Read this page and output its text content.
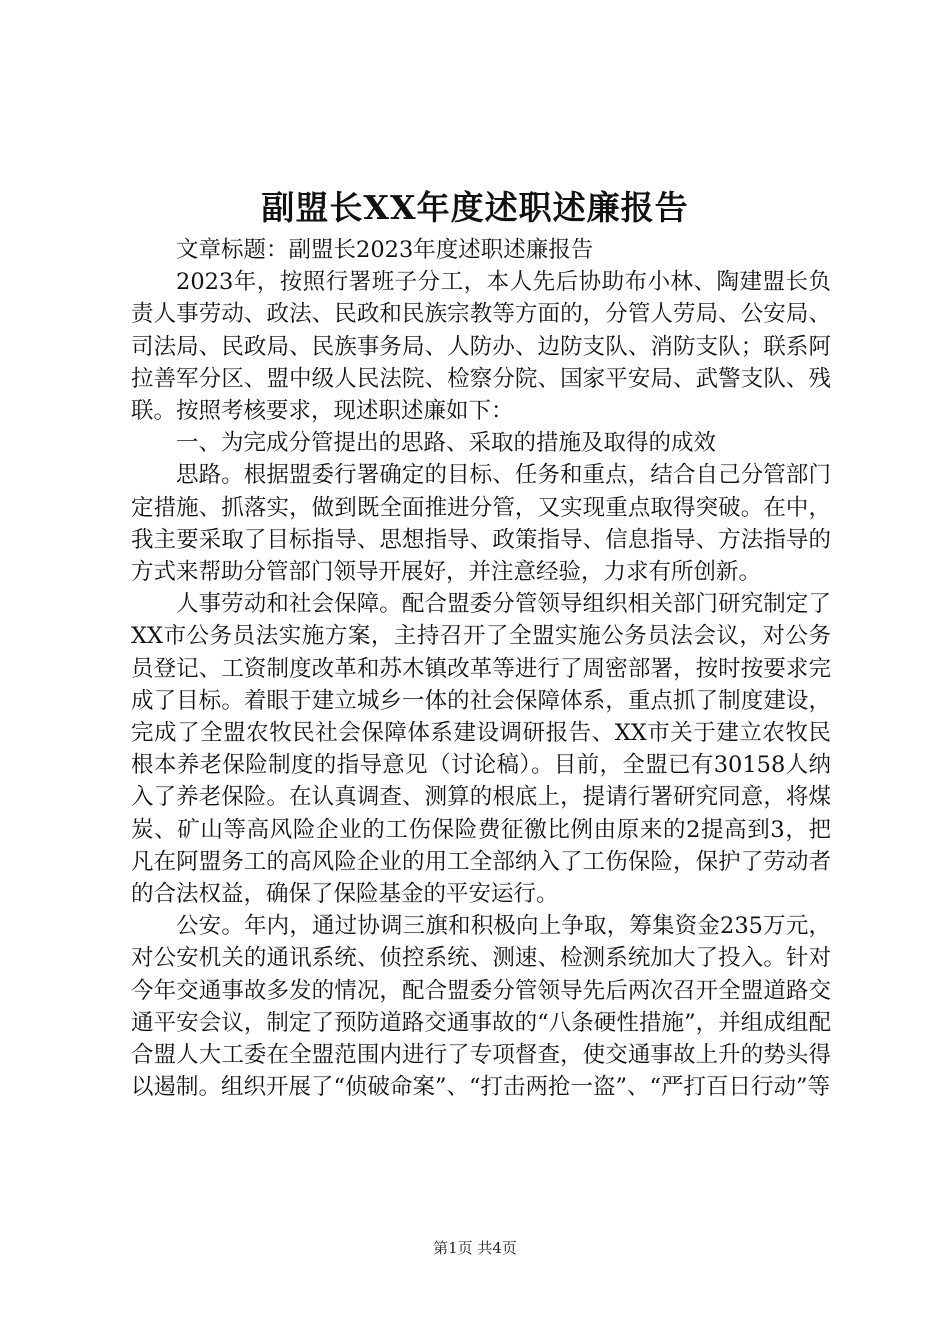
副盟长XX年度述职述廉报告

文章标题：副盟长2023年度述职述廉报告

2023年，按照行署班子分工，本人先后协助布小林、陶建盟长负责人事劳动、政法、民政和民族宗教等方面的，分管人劳局、公安局、司法局、民政局、民族事务局、人防办、边防支队、消防支队；联系阿拉善军分区、盟中级人民法院、检察分院、国家平安局、武警支队、残联。按照考核要求，现述职述廉如下：

一、为完成分管提出的思路、采取的措施及取得的成效

思路。根据盟委行署确定的目标、任务和重点，结合自己分管部门定措施、抓落实，做到既全面推进分管，又实现重点取得突破。在中，我主要采取了目标指导、思想指导、政策指导、信息指导、方法指导的方式来帮助分管部门领导开展好，并注意经验，力求有所创新。

人事劳动和社会保障。配合盟委分管领导组织相关部门研究制定了XX市公务员法实施方案，主持召开了全盟实施公务员法会议，对公务员登记、工资制度改革和苏木镇改革等进行了周密部署，按时按要求完成了目标。着眼于建立城乡一体的社会保障体系，重点抓了制度建设，完成了全盟农牧民社会保障体系建设调研报告、XX市关于建立农牧民根本养老保险制度的指导意见（讨论稿）。目前，全盟已有30158人纳入了养老保险。在认真调查、测算的根底上，提请行署研究同意，将煤炭、矿山等高风险企业的工伤保险费征徼比例由原来的2提高到3，把凡在阿盟务工的高风险企业的用工全部纳入了工伤保险，保护了劳动者的合法权益，确保了保险基金的平安运行。

公安。年内，通过协调三旗和积极向上争取，筹集资金235万元，对公安机关的通讯系统、侦控系统、测速、检测系统加大了投入。针对今年交通事故多发的情况，配合盟委分管领导先后两次召开全盟道路交通平安会议，制定了预防道路交通事故的“八条硬性措施”，并组成组配合盟人大工委在全盟范围内进行了专项督查，使交通事故上升的势头得以遏制。组织开展了“侦破命案”、“打击两抢一盗”、“严打百日行动”等

第1页 共4页
